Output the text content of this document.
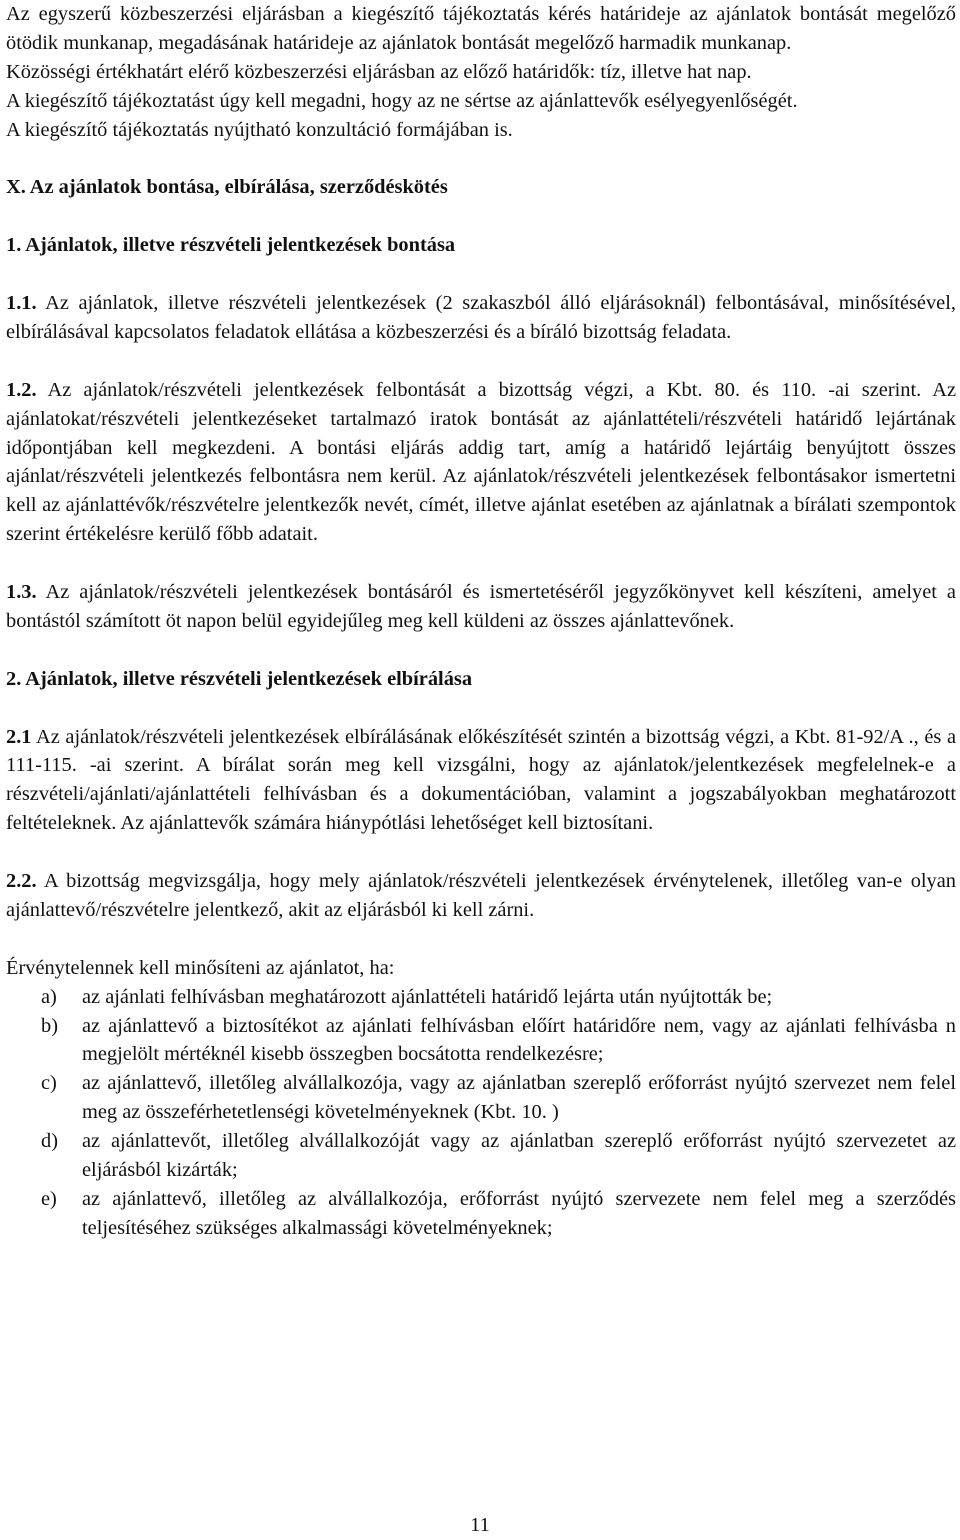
Az egyszerű közbeszerzési eljárásban a kiegészítő tájékoztatás kérés határideje az ajánlatok bontását megelőző ötödik munkanap, megadásának határideje az ajánlatok bontását megelőző harmadik munkanap.

Közösségi értékhatárt elérő közbeszerzési eljárásban az előző határidők: tíz, illetve hat nap.

A kiegészítő tájékoztatást úgy kell megadni, hogy az ne sértse az ajánlattevők esélyegyenlőségét.

A kiegészítő tájékoztatás nyújtható konzultáció formájában is.

X. Az ajánlatok bontása, elbírálása, szerződéskötés

1. Ajánlatok, illetve részvételi jelentkezések bontása

1.1. Az ajánlatok, illetve részvételi jelentkezések (2 szakaszból álló eljárásoknál) felbontásával, minősítésével, elbírálásával kapcsolatos feladatok ellátása a közbeszerzési és a bíráló bizottság feladata.

1.2. Az ajánlatok/részvételi jelentkezések felbontását a bizottság végzi, a Kbt. 80. és 110. -ai szerint. Az ajánlatokat/részvételi jelentkezéseket tartalmazó iratok bontását az ajánlattételi/részvételi határidő lejártának időpontjában kell megkezdeni. A bontási eljárás addig tart, amíg a határidő lejártáig benyújtott összes ajánlat/részvételi jelentkezés felbontásra nem kerül. Az ajánlatok/részvételi jelentkezések felbontásakor ismertetni kell az ajánlattévők/részvételre jelentkezők nevét, címét, illetve ajánlat esetében az ajánlatnak a bírálati szempontok szerint értékelésre kerülő főbb adatait.

1.3. Az ajánlatok/részvételi jelentkezések bontásáról és ismertetéséről jegyzőkönyvet kell készíteni, amelyet a bontástól számított öt napon belül egyidejűleg meg kell küldeni az összes ajánlattevőnek.

2. Ajánlatok, illetve részvételi jelentkezések elbírálása

2.1 Az ajánlatok/részvételi jelentkezések elbírálásának előkészítését szintén a bizottság végzi, a Kbt. 81-92/A ., és a 111-115. -ai szerint. A bírálat során meg kell vizsgálni, hogy az ajánlatok/jelentkezések megfelelnek-e a részvételi/ajánlati/ajánlattételi felhívásban és a dokumentációban, valamint a jogszabályokban meghatározott feltételeknek. Az ajánlattevők számára hiánypótlási lehetőséget kell biztosítani.

2.2. A bizottság megvizsgálja, hogy mely ajánlatok/részvételi jelentkezések érvénytelenek, illetőleg van-e olyan ajánlattevő/részvételre jelentkező, akit az eljárásból ki kell zárni.

Érvénytelennek kell minősíteni az ajánlatot, ha:

a) az ajánlati felhívásban meghatározott ajánlattételi határidő lejárta után nyújtották be;
b) az ajánlattevő a biztosítékot az ajánlati felhívásban előírt határidőre nem, vagy az ajánlati felhívásba n megjelölt mértéknél kisebb összegben bocsátotta rendelkezésre;
c) az ajánlattevő, illetőleg alvállalkozója, vagy az ajánlatban szereplő erőforrást nyújtó szervezet nem felel meg az összeférhetetlenségi követelményeknek (Kbt. 10. )
d) az ajánlattevőt, illetőleg alvállalkozóját vagy az ajánlatban szereplő erőforrást nyújtó szervezetet az eljárásból kizárták;
e) az ajánlattevő, illetőleg az alvállalkozója, erőforrást nyújtó szervezete nem felel meg a szerződés teljesítéséhez szükséges alkalmassági követelményeknek;
11
